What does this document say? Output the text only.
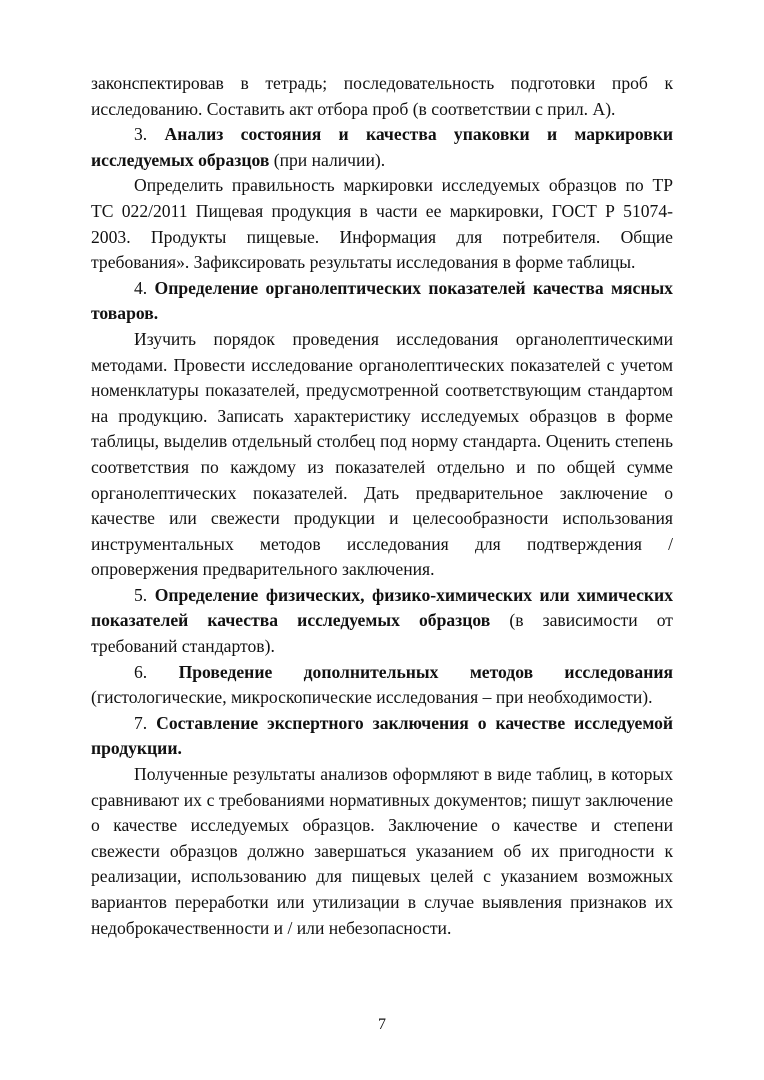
законспектировав в тетрадь; последовательность подготовки проб к исследованию. Составить акт отбора проб (в соответствии с прил. А).

3. Анализ состояния и качества упаковки и маркировки исследуемых образцов (при наличии).

Определить правильность маркировки исследуемых образцов по ТР ТС 022/2011 Пищевая продукция в части ее маркировки, ГОСТ Р 51074-2003. Продукты пищевые. Информация для потребителя. Общие требования». Зафиксировать результаты исследования в форме таблицы.

4. Определение органолептических показателей качества мясных товаров.

Изучить порядок проведения исследования органолептическими методами. Провести исследование органолептических показателей с учетом номенклатуры показателей, предусмотренной соответствующим стандартом на продукцию. Записать характеристику исследуемых образцов в форме таблицы, выделив отдельный столбец под норму стандарта. Оценить степень соответствия по каждому из показателей отдельно и по общей сумме органолептических показателей. Дать предварительное заключение о качестве или свежести продукции и целесообразности использования инструментальных методов исследования для подтверждения / опровержения предварительного заключения.

5. Определение физических, физико-химических или химических показателей качества исследуемых образцов (в зависимости от требований стандартов).

6. Проведение дополнительных методов исследования (гистологические, микроскопические исследования – при необходимости).

7. Составление экспертного заключения о качестве исследуемой продукции.

Полученные результаты анализов оформляют в виде таблиц, в которых сравнивают их с требованиями нормативных документов; пишут заключение о качестве исследуемых образцов. Заключение о качестве и степени свежести образцов должно завершаться указанием об их пригодности к реализации, использованию для пищевых целей с указанием возможных вариантов переработки или утилизации в случае выявления признаков их недоброкачественности и / или небезопасности.

7
